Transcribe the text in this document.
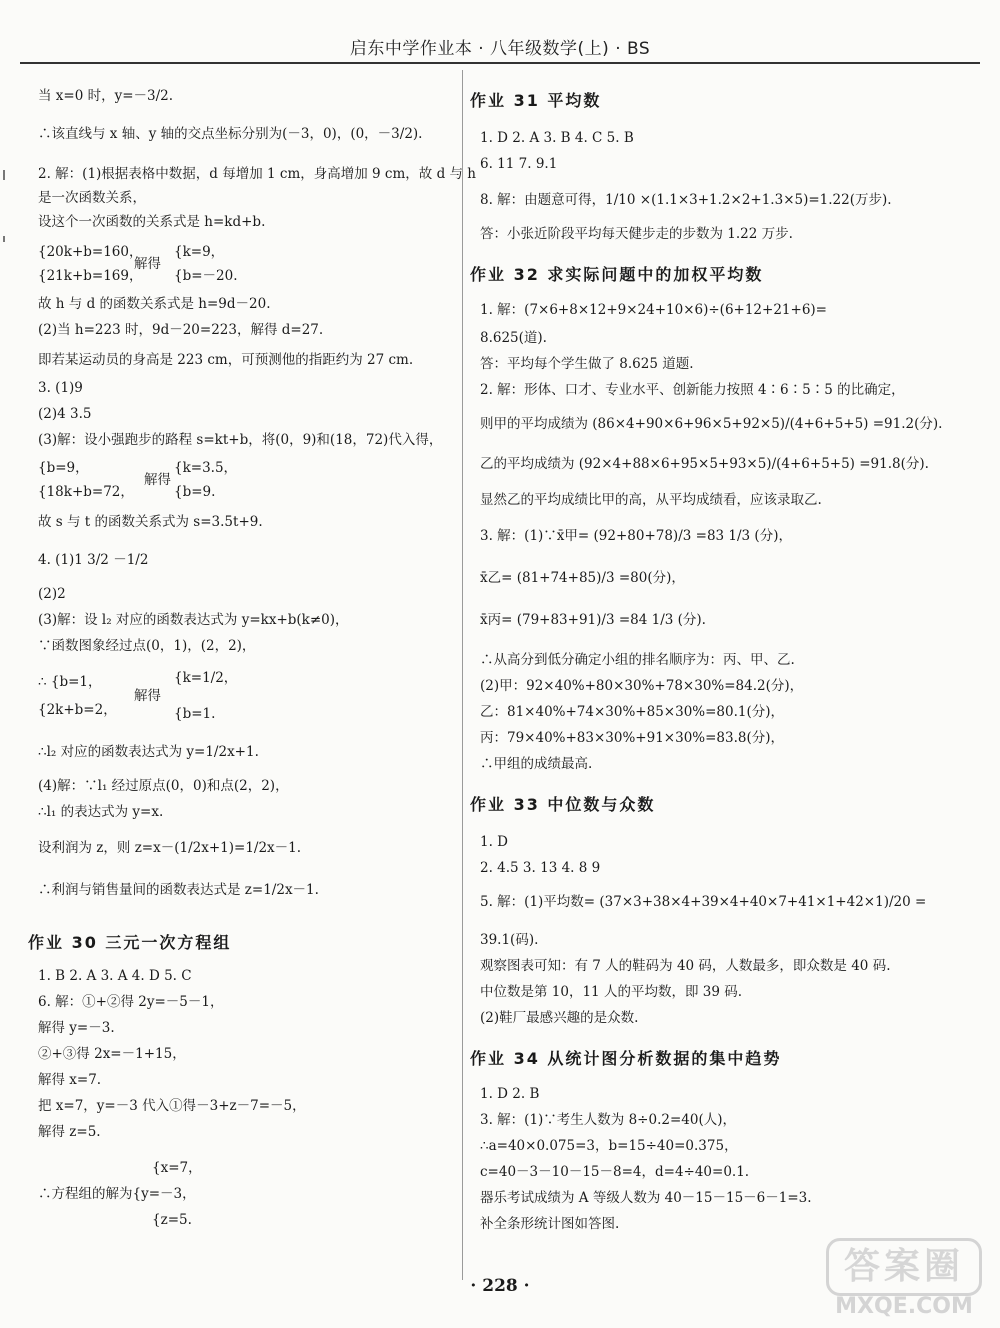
启东中学作业本 · 八年级数学(上) · BS
当 x=0 时，y=－3/2.
∴该直线与 x 轴、y 轴的交点坐标分别为(－3，0)，(0，－3/2).
2. 解：(1)根据表格中数据，d 每增加 1 cm，身高增加 9 cm，故 d 与 h
是一次函数关系，
设这个一次函数的关系式是 h=kd+b.
{20k+b=160，
{21k+b=169，
解得
{k=9，
{b=－20.
故 h 与 d 的函数关系式是 h=9d－20.
(2)当 h=223 时，9d－20=223，解得 d=27.
即若某运动员的身高是 223 cm，可预测他的指距约为 27 cm.
3. (1)9
(2)4 3.5
(3)解：设小强跑步的路程 s=kt+b，将(0，9)和(18，72)代入得，
{b=9，
{18k+b=72，
解得
{k=3.5，
{b=9.
故 s 与 t 的函数关系式为 s=3.5t+9.
4. (1)1 3/2 －1/2
(2)2
(3)解：设 l₂ 对应的函数表达式为 y=kx+b(k≠0)，
∵函数图象经过点(0，1)，(2，2)，
∴ {b=1，
{2k+b=2，
解得
{k=1/2，
{b=1.
∴l₂ 对应的函数表达式为 y=1/2x+1.
(4)解：∵l₁ 经过原点(0，0)和点(2，2)，
∴l₁ 的表达式为 y=x.
设利润为 z，则 z=x－(1/2x+1)=1/2x－1.
∴利润与销售量间的函数表达式是 z=1/2x－1.
作业 30 三元一次方程组
1. B 2. A 3. A 4. D 5. C
6. 解：①+②得 2y=－5－1，
解得 y=－3.
②+③得 2x=－1+15，
解得 x=7.
把 x=7，y=－3 代入①得－3+z－7=－5，
解得 z=5.
{x=7，
∴方程组的解为{y=－3，
{z=5.
作业 31 平均数
1. D 2. A 3. B 4. C 5. B
6. 11 7. 9.1
8. 解：由题意可得，1/10 ×(1.1×3+1.2×2+1.3×5)=1.22(万步).
答：小张近阶段平均每天健步走的步数为 1.22 万步.
作业 32 求实际问题中的加权平均数
1. 解：(7×6+8×12+9×24+10×6)÷(6+12+21+6)=
8.625(道).
答：平均每个学生做了 8.625 道题.
2. 解：形体、口才、专业水平、创新能力按照 4∶6∶5∶5 的比确定，
则甲的平均成绩为 (86×4+90×6+96×5+92×5)/(4+6+5+5) =91.2(分).
乙的平均成绩为 (92×4+88×6+95×5+93×5)/(4+6+5+5) =91.8(分).
显然乙的平均成绩比甲的高，从平均成绩看，应该录取乙.
3. 解：(1)∵x̄甲= (92+80+78)/3 =83 1/3 (分)，
x̄乙= (81+74+85)/3 =80(分)，
x̄丙= (79+83+91)/3 =84 1/3 (分).
∴从高分到低分确定小组的排名顺序为：丙、甲、乙.
(2)甲：92×40%+80×30%+78×30%=84.2(分)，
乙：81×40%+74×30%+85×30%=80.1(分)，
丙：79×40%+83×30%+91×30%=83.8(分)，
∴甲组的成绩最高.
作业 33 中位数与众数
1. D
2. 4.5 3. 13 4. 8 9
5. 解：(1)平均数= (37×3+38×4+39×4+40×7+41×1+42×1)/20 =
39.1(码).
观察图表可知：有 7 人的鞋码为 40 码，人数最多，即众数是 40 码.
中位数是第 10，11 人的平均数，即 39 码.
(2)鞋厂最感兴趣的是众数.
作业 34 从统计图分析数据的集中趋势
1. D 2. B
3. 解：(1)∵考生人数为 8÷0.2=40(人)，
∴a=40×0.075=3，b=15÷40=0.375，
c=40－3－10－15－8=4，d=4÷40=0.1.
器乐考试成绩为 A 等级人数为 40－15－15－6－1=3.
补全条形统计图如答图.
· 228 ·	答案圈
MXQE.COM
